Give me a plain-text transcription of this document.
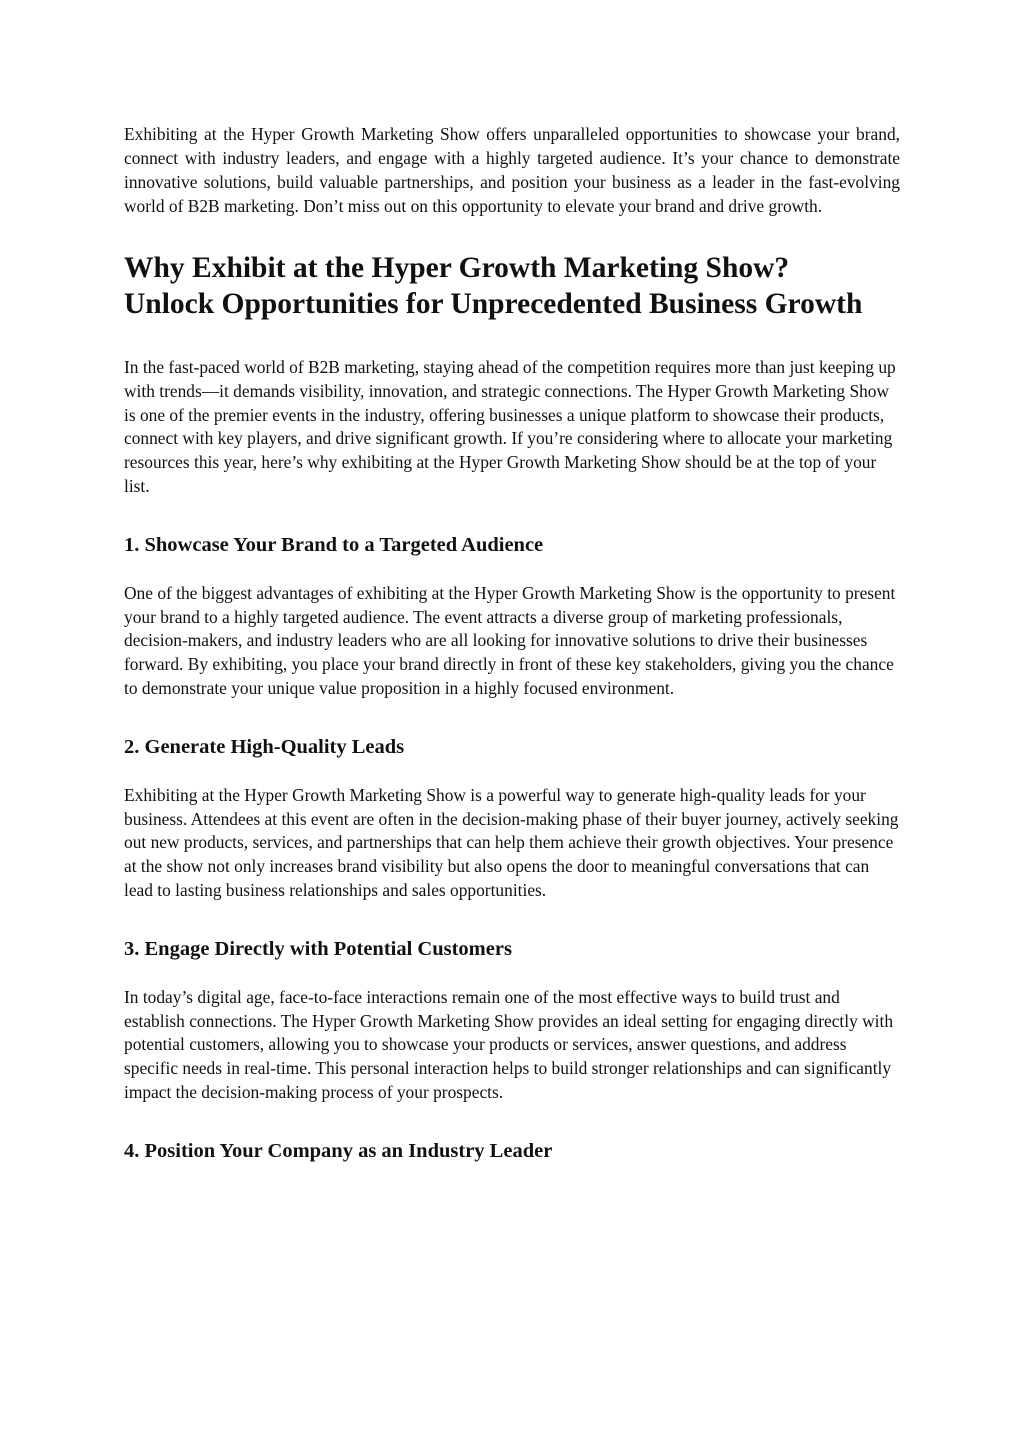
Exhibiting at the Hyper Growth Marketing Show offers unparalleled opportunities to showcase your brand, connect with industry leaders, and engage with a highly targeted audience. It’s your chance to demonstrate innovative solutions, build valuable partnerships, and position your business as a leader in the fast-evolving world of B2B marketing. Don’t miss out on this opportunity to elevate your brand and drive growth.

Why Exhibit at the Hyper Growth Marketing Show? Unlock Opportunities for Unprecedented Business Growth

In the fast-paced world of B2B marketing, staying ahead of the competition requires more than just keeping up with trends—it demands visibility, innovation, and strategic connections. The Hyper Growth Marketing Show is one of the premier events in the industry, offering businesses a unique platform to showcase their products, connect with key players, and drive significant growth. If you’re considering where to allocate your marketing resources this year, here’s why exhibiting at the Hyper Growth Marketing Show should be at the top of your list.

1. Showcase Your Brand to a Targeted Audience

One of the biggest advantages of exhibiting at the Hyper Growth Marketing Show is the opportunity to present your brand to a highly targeted audience. The event attracts a diverse group of marketing professionals, decision-makers, and industry leaders who are all looking for innovative solutions to drive their businesses forward. By exhibiting, you place your brand directly in front of these key stakeholders, giving you the chance to demonstrate your unique value proposition in a highly focused environment.

2. Generate High-Quality Leads

Exhibiting at the Hyper Growth Marketing Show is a powerful way to generate high-quality leads for your business. Attendees at this event are often in the decision-making phase of their buyer journey, actively seeking out new products, services, and partnerships that can help them achieve their growth objectives. Your presence at the show not only increases brand visibility but also opens the door to meaningful conversations that can lead to lasting business relationships and sales opportunities.

3. Engage Directly with Potential Customers

In today’s digital age, face-to-face interactions remain one of the most effective ways to build trust and establish connections. The Hyper Growth Marketing Show provides an ideal setting for engaging directly with potential customers, allowing you to showcase your products or services, answer questions, and address specific needs in real-time. This personal interaction helps to build stronger relationships and can significantly impact the decision-making process of your prospects.

4. Position Your Company as an Industry Leader
